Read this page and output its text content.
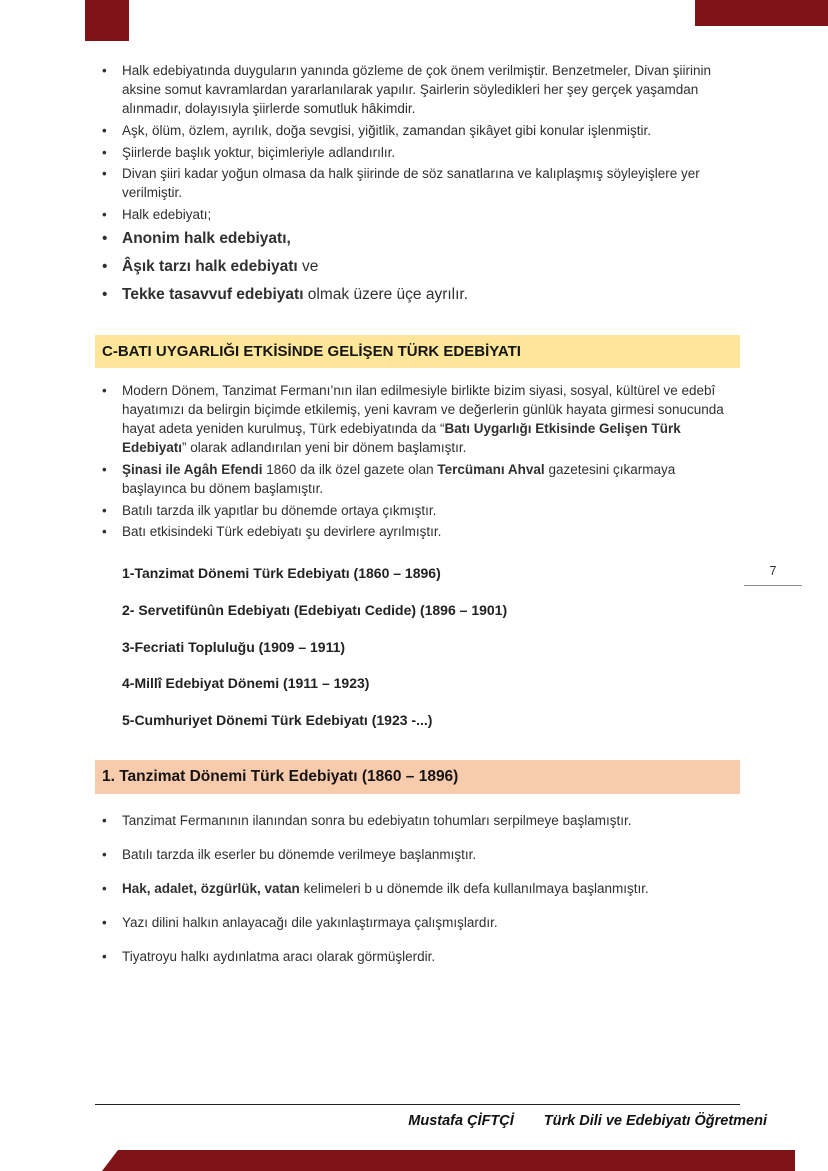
7
• Halk edebiyatında duyguların yanında gözleme de çok önem verilmiştir. Benzetmeler, Divan şiirinin aksine somut kavramlardan yararlanılarak yapılır. Şairlerin söyledikleri her şey gerçek yaşamdan alınmadır, dolayısıyla şiirlerde somutluk hâkimdir.
• Aşk, ölüm, özlem, ayrılık, doğa sevgisi, yiğitlik, zamandan şikâyet gibi konular işlenmiştir.
• Şiirlerde başlık yoktur, biçimleriyle adlandırılır.
• Divan şiiri kadar yoğun olmasa da halk şiirinde de söz sanatlarına ve kalıplaşmış söyleyişlere yer verilmiştir.
• Halk edebiyatı;
• Anonim halk edebiyatı,
• Âşık tarzı halk edebiyatı ve
• Tekke tasavvuf edebiyatı olmak üzere üçe ayrılır.
C-BATI UYGARLIĞI ETKİSİNDE GELİŞEN TÜRK EDEBİYATI
• Modern Dönem, Tanzimat Fermanı’nın ilan edilmesiyle birlikte bizim siyasi, sosyal, kültürel ve edebî hayatımızı da belirgin biçimde etkilemiş, yeni kavram ve değerlerin günlük hayata girmesi sonucunda hayat adeta yeniden kurulmuş, Türk edebiyatında da “Batı Uygarlığı Etkisinde Gelişen Türk Edebiyatı” olarak adlandırılan yeni bir dönem başlamıştır.
• Şinasi ile Agâh Efendi 1860 da ilk özel gazete olan Tercümanı Ahval gazetesini çıkarmaya başlayınca bu dönem başlamıştır.
• Batılı tarzda ilk yapıtlar bu dönemde ortaya çıkmıştır.
• Batı etkisindeki Türk edebiyatı şu devirlere ayrılmıştır.

1-Tanzimat Dönemi Türk Edebiyatı (1860 – 1896)

2- Servetifünûn Edebiyatı (Edebiyatı Cedide) (1896 – 1901)

3-Fecriati Topluluğu (1909 – 1911)

4-Millî Edebiyat Dönemi (1911 – 1923)

5-Cumhuriyet Dönemi Türk Edebiyatı (1923 -...)

1. Tanzimat Dönemi Türk Edebiyatı (1860 – 1896)
• Tanzimat Fermanının ilanından sonra bu edebiyatın tohumları serpilmeye başlamıştır.
• Batılı tarzda ilk eserler bu dönemde verilmeye başlanmıştır.
• Hak, adalet, özgürlük, vatan kelimeleri b u dönemde ilk defa kullanılmaya başlanmıştır.
• Yazı dilini halkın anlayacağı dile yakınlaştırmaya çalışmışlardır.
• Tiyatroyu halkı aydınlatma aracı olarak görmüşlerdir.
Mustafa ÇİFTÇİ Türk Dili ve Edebiyatı Öğretmeni
